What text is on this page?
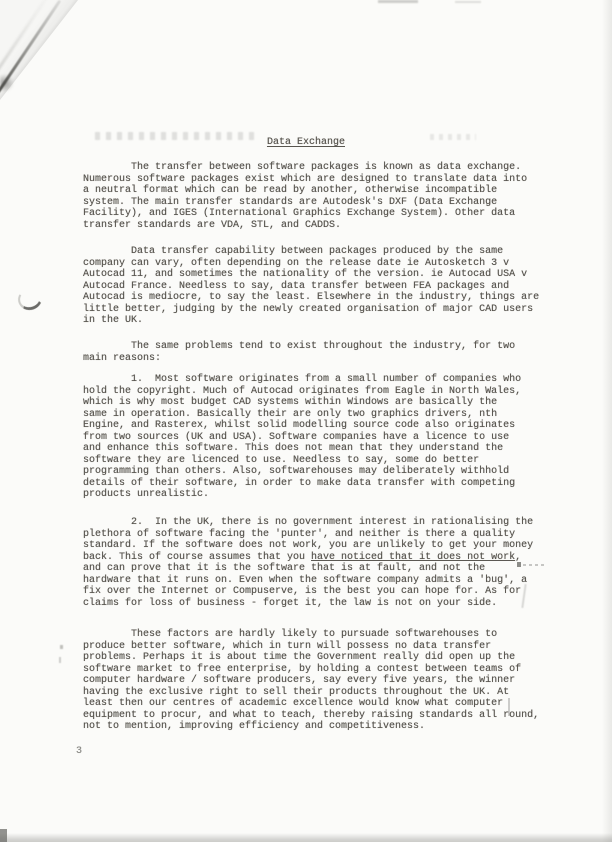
Data Exchange
The transfer between software packages is known as data exchange.
Numerous software packages exist which are designed to translate data into
a neutral format which can be read by another, otherwise incompatible
system. The main transfer standards are Autodesk's DXF (Data Exchange
Facility), and IGES (International Graphics Exchange System). Other data
transfer standards are VDA, STL, and CADDS.
Data transfer capability between packages produced by the same
company can vary, often depending on the release date ie Autosketch 3 v
Autocad 11, and sometimes the nationality of the version. ie Autocad USA v
Autocad France. Needless to say, data transfer between FEA packages and
Autocad is mediocre, to say the least. Elsewhere in the industry, things are
little better, judging by the newly created organisation of major CAD users
in the UK.
The same problems tend to exist throughout the industry, for two
main reasons:
1.  Most software originates from a small number of companies who
hold the copyright. Much of Autocad originates from Eagle in North Wales,
which is why most budget CAD systems within Windows are basically the
same in operation. Basically their are only two graphics drivers, nth
Engine, and Rasterex, whilst solid modelling source code also originates
from two sources (UK and USA). Software companies have a licence to use
and enhance this software. This does not mean that they understand the
software they are licenced to use. Needless to say, some do better
programming than others. Also, softwarehouses may deliberately withhold
details of their software, in order to make data transfer with competing
products unrealistic.
2.  In the UK, there is no government interest in rationalising the
plethora of software facing the 'punter', and neither is there a quality
standard. If the software does not work, you are unlikely to get your money
back. This of course assumes that you have noticed that it does not work,
and can prove that it is the software that is at fault, and not the
hardware that it runs on. Even when the software company admits a 'bug', a
fix over the Internet or Compuserve, is the best you can hope for. As for
claims for loss of business - forget it, the law is not on your side.
These factors are hardly likely to pursuade softwarehouses to
produce better software, which in turn will possess no data transfer
problems. Perhaps it is about time the Government really did open up the
software market to free enterprise, by holding a contest between teams of
computer hardware / software producers, say every five years, the winner
having the exclusive right to sell their products throughout the UK. At
least then our centres of academic excellence would know what computer
equipment to procur, and what to teach, thereby raising standards all round,
not to mention, improving efficiency and competitiveness.
3
